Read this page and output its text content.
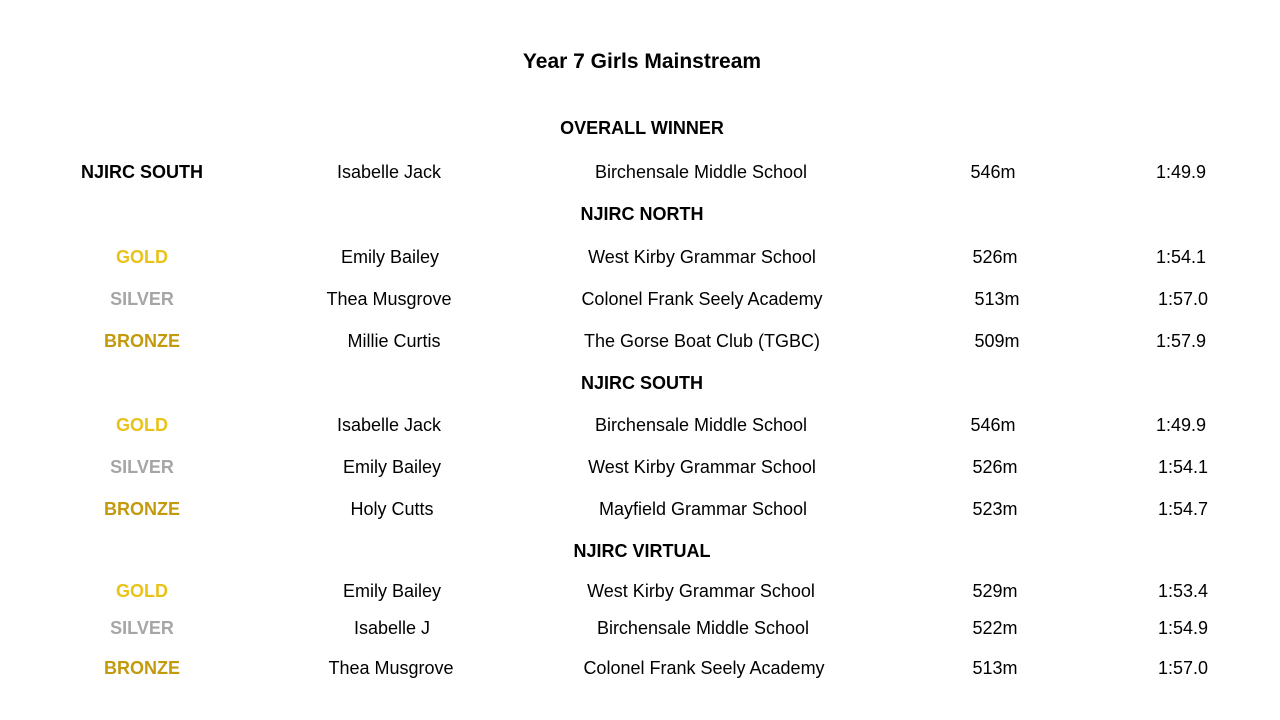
Year 7 Girls Mainstream
OVERALL WINNER
NJIRC SOUTH	Isabelle Jack	Birchensale Middle School	546m	1:49.9
NJIRC NORTH
GOLD	Emily Bailey	West Kirby Grammar School	526m	1:54.1
SILVER	Thea Musgrove	Colonel Frank Seely Academy	513m	1:57.0
BRONZE	Millie Curtis	The Gorse Boat Club (TGBC)	509m	1:57.9
NJIRC SOUTH
GOLD	Isabelle Jack	Birchensale Middle School	546m	1:49.9
SILVER	Emily Bailey	West Kirby Grammar School	526m	1:54.1
BRONZE	Holy Cutts	Mayfield Grammar School	523m	1:54.7
NJIRC VIRTUAL
GOLD	Emily Bailey	West Kirby Grammar School	529m	1:53.4
SILVER	Isabelle J	Birchensale Middle School	522m	1:54.9
BRONZE	Thea Musgrove	Colonel Frank Seely Academy	513m	1:57.0
